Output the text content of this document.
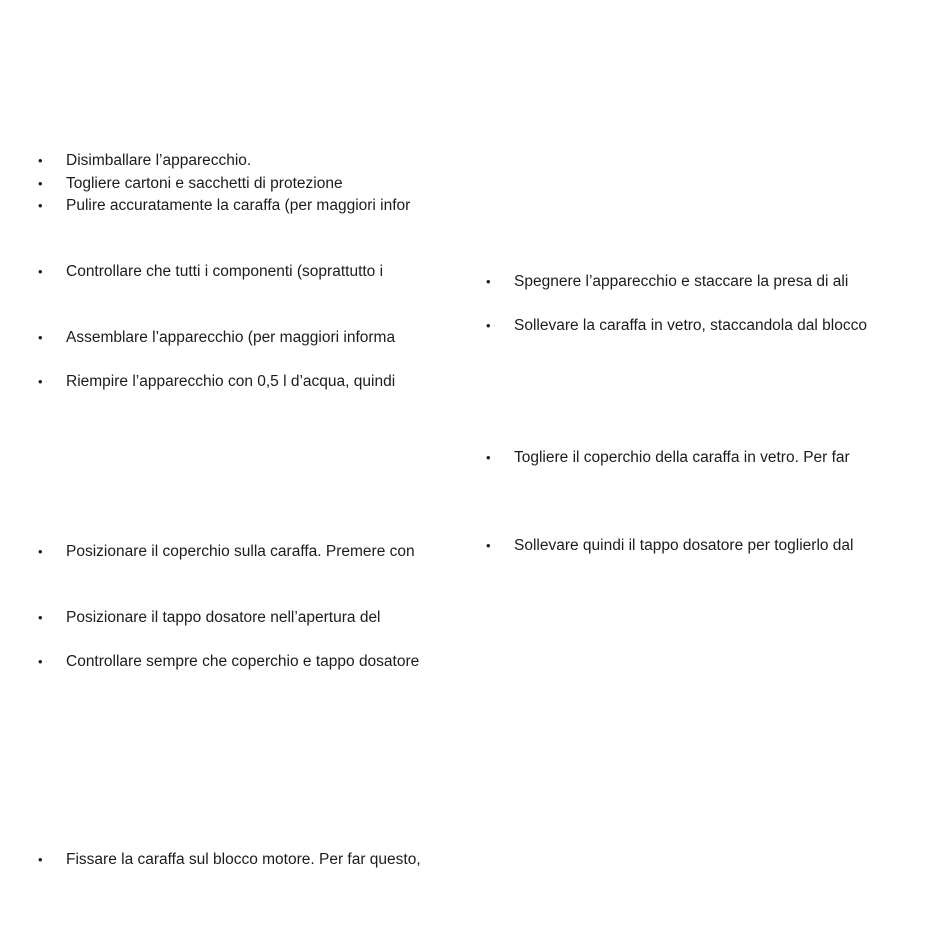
•	Disimballare l’apparecchio.
•	Togliere cartoni e sacchetti di protezione
•	Pulire accuratamente la caraffa (per maggiori infor
•	Controllare che tutti i componenti (soprattutto i
•	Assemblare l’apparecchio (per maggiori informa
•	Riempire l’apparecchio con 0,5 l d’acqua, quindi
•	Posizionare il coperchio sulla caraffa. Premere con
•	Posizionare il tappo dosatore nell’apertura del
•	Controllare sempre che coperchio e tappo dosatore
•	Fissare la caraffa sul blocco motore. Per far questo,
•	Spegnere l’apparecchio e staccare la presa di ali
•	Sollevare la caraffa in vetro, staccandola dal blocco
•	Togliere il coperchio della caraffa in vetro. Per far
•	Sollevare quindi il tappo dosatore per toglierlo dal
